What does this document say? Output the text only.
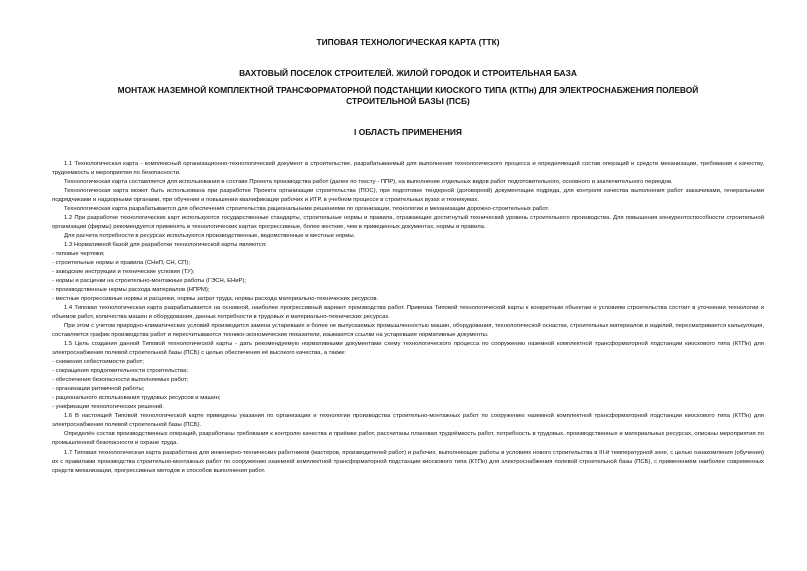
ТИПОВАЯ ТЕХНОЛОГИЧЕСКАЯ КАРТА (ТТК)

ВАХТОВЫЙ ПОСЕЛОК СТРОИТЕЛЕЙ. ЖИЛОЙ ГОРОДОК И СТРОИТЕЛЬНАЯ БАЗА

МОНТАЖ НАЗЕМНОЙ КОМПЛЕКТНОЙ ТРАНСФОРМАТОРНОЙ ПОДСТАНЦИИ КИОСКОГО ТИПА (КТПн) ДЛЯ ЭЛЕКТРОСНАБЖЕНИЯ ПОЛЕВОЙ СТРОИТЕЛЬНОЙ БАЗЫ (ПСБ)

I ОБЛАСТЬ ПРИМЕНЕНИЯ

1.1 Технологическая карта - комплексный организационно-технологический документ в строительстве, разрабатываемый для выполнения технологического процесса и определяющий состав операций и средств механизации, требования к качеству, трудоемкость и мероприятия по безопасности.

Технологическая карта составляется для использования в составе Проекта производства работ (далее по тексту - ППР), на выполнение отдельных видов работ подготовительного, основного и заключительного периодов.

Технологическая карта может быть использована при разработке Проекта организации строительства (ПОС), при подготовке тендерной (договорной) документации подряда, для контроля качества выполнения работ заказчиками, генеральными подрядчиками и надзорными органами, при обучении и повышении квалификации рабочих и ИТР, в учебном процессе в строительных вузах и техникумах.

Технологическая карта разрабатывается для обеспечения строительства рациональными решениями по организации, технологии и механизации дорожно-строительных работ.

1.2 При разработке технологических карт используются государственные стандарты, строительные нормы и правила, отражающие достигнутый технический уровень строительного производства. Для повышения конкурентоспособности строительной организации (фирмы) рекомендуется применять в технологических картах прогрессивные, более жесткие, чем в приведенных документах, нормы и правила.

Для расчета потребности в ресурсах используются производственные, ведомственные и местные нормы.

1.3 Нормативной базой для разработки технологической карты являются:

- типовые чертежи;

- строительные нормы и правила (СНиП, СН, СП);

- заводские инструкции и технические условия (ТУ);

- нормы и расценки на строительно-монтажные работы (ГЭСН, ЕНиР);

- производственные нормы расхода материалов (НПРМ);

- местные прогрессивные нормы и расценки, нормы затрат труда, нормы расхода материально-технических ресурсов.

1.4 Типовая технологическая карта разрабатывается на основной, наиболее прогрессивный вариант производства работ. Привязка Типовой технологической карты к конкретным объектам и условиям строительства состоит в уточнении технологии и объемов работ, количества машин и оборудования, данных потребности в трудовых и материально-технических ресурсах.

При этом с учетом природно-климатических условий производится замена устаревших и более не выпускаемых промышленностью машин, оборудования, технологической оснастки, строительных материалов и изделий, пересматривается калькуляция, составляется график производства работ и пересчитываются технико-экономические показатели, изымаются ссылки на устаревшие нормативные документы.

1.5 Цель создания данной Типовой технологической карты - дать рекомендуемую нормативными документами схему технологического процесса по сооружению наземной комплектной трансформаторной подстанции киоскового типа (КТПн) для электроснабжения полевой строительной базы (ПСБ) с целью обеспечения её высокого качества, а также:

- снижения себестоимости работ;

- сокращения продолжительности строительства;

- обеспечения безопасности выполняемых работ;

- организации ритмичной работы;

- рационального использования трудовых ресурсов и машин;

- унификации технологических решений.

1.6 В настоящей Типовой технологической карте приведены указания по организации и технологии производства строительно-монтажных работ по сооружению наземной комплектной трансформаторной подстанции киоскового типа (КТПн) для электроснабжения полевой строительной базы (ПСБ).

Определён состав производственных операций, разработаны требования к контролю качества и приёмке работ, рассчитаны плановая трудоёмкость работ, потребность в трудовых, производственных и материальных ресурсах, описаны мероприятия по промышленной безопасности и охране труда.

1.7 Типовая технологическая карта разработана для инженерно-технических работников (мастеров, производителей работ) и рабочих, выполняющих работы в условиях нового строительства в III-й температурной зоне, с целью ознакомления (обучения) их с правилами производства строительно-монтажных работ по сооружению наземной комплектной трансформаторной подстанции киоскового типа (КТПн) для электроснабжения полевой строительной базы (ПСБ), с применением наиболее современных средств механизации, прогрессивных методов и способов выполнения работ.
